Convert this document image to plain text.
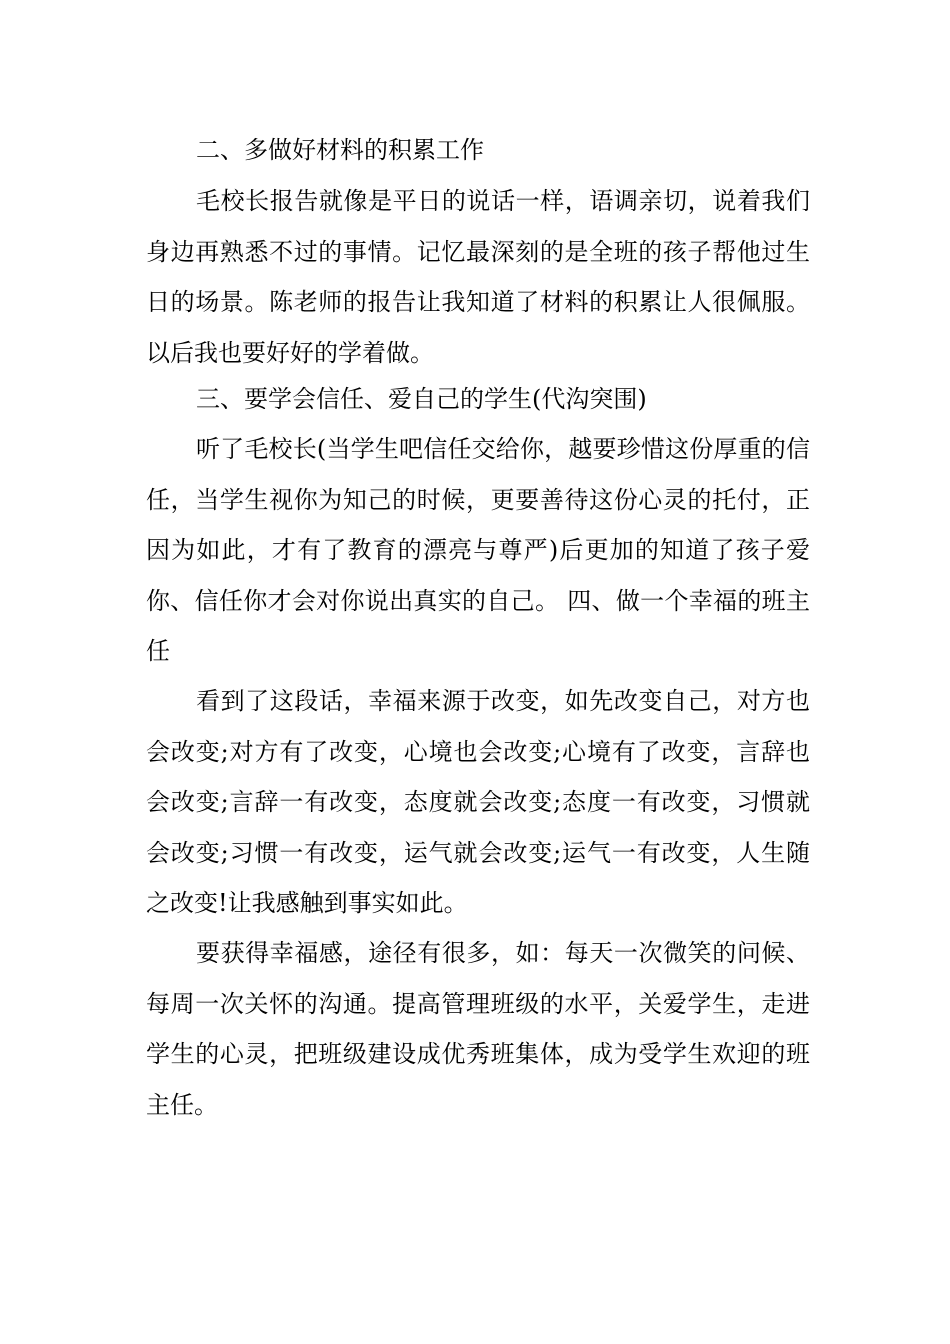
二、多做好材料的积累工作

毛校长报告就像是平日的说话一样，语调亲切，说着我们身边再熟悉不过的事情。记忆最深刻的是全班的孩子帮他过生日的场景。陈老师的报告让我知道了材料的积累让人很佩服。以后我也要好好的学着做。

三、要学会信任、爱自己的学生(代沟突围)

听了毛校长(当学生吧信任交给你，越要珍惜这份厚重的信任，当学生视你为知己的时候，更要善待这份心灵的托付，正因为如此，才有了教育的漂亮与尊严)后更加的知道了孩子爱你、信任你才会对你说出真实的自己。 四、做一个幸福的班主任

看到了这段话，幸福来源于改变，如先改变自己，对方也会改变;对方有了改变，心境也会改变;心境有了改变，言辞也会改变;言辞一有改变，态度就会改变;态度一有改变，习惯就会改变;习惯一有改变，运气就会改变;运气一有改变，人生随之改变!让我感触到事实如此。

要获得幸福感，途径有很多，如：每天一次微笑的问候、每周一次关怀的沟通。提高管理班级的水平，关爱学生，走进学生的心灵，把班级建设成优秀班集体，成为受学生欢迎的班主任。
